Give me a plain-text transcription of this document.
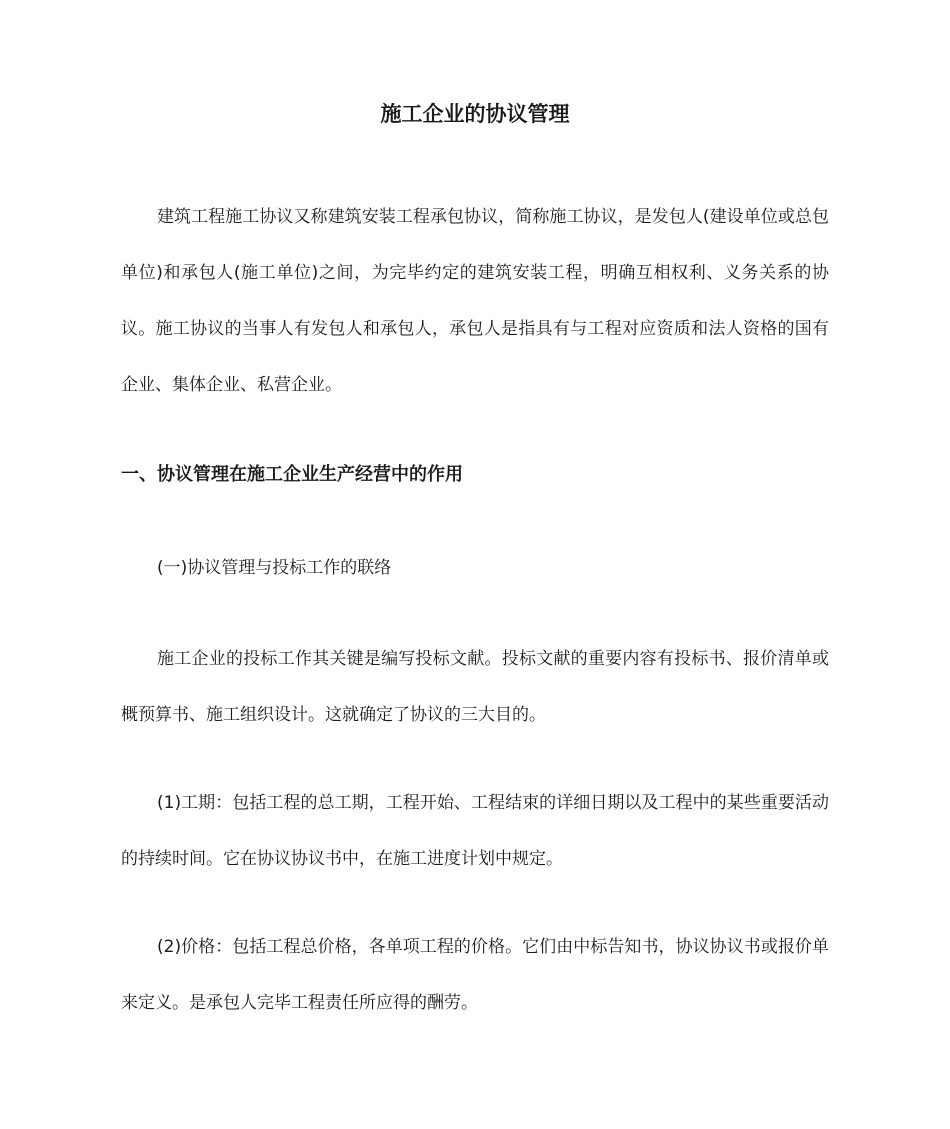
施工企业的协议管理

建筑工程施工协议又称建筑安装工程承包协议，简称施工协议，是发包人(建设单位或总包单位)和承包人(施工单位)之间，为完毕约定的建筑安装工程，明确互相权利、义务关系的协议。施工协议的当事人有发包人和承包人，承包人是指具有与工程对应资质和法人资格的国有企业、集体企业、私营企业。

一、协议管理在施工企业生产经营中的作用

(一)协议管理与投标工作的联络

施工企业的投标工作其关键是编写投标文献。投标文献的重要内容有投标书、报价清单或概预算书、施工组织设计。这就确定了协议的三大目的。

(1)工期：包括工程的总工期，工程开始、工程结束的详细日期以及工程中的某些重要活动的持续时间。它在协议协议书中，在施工进度计划中规定。

(2)价格：包括工程总价格，各单项工程的价格。它们由中标告知书，协议协议书或报价单来定义。是承包人完毕工程责任所应得的酬劳。
